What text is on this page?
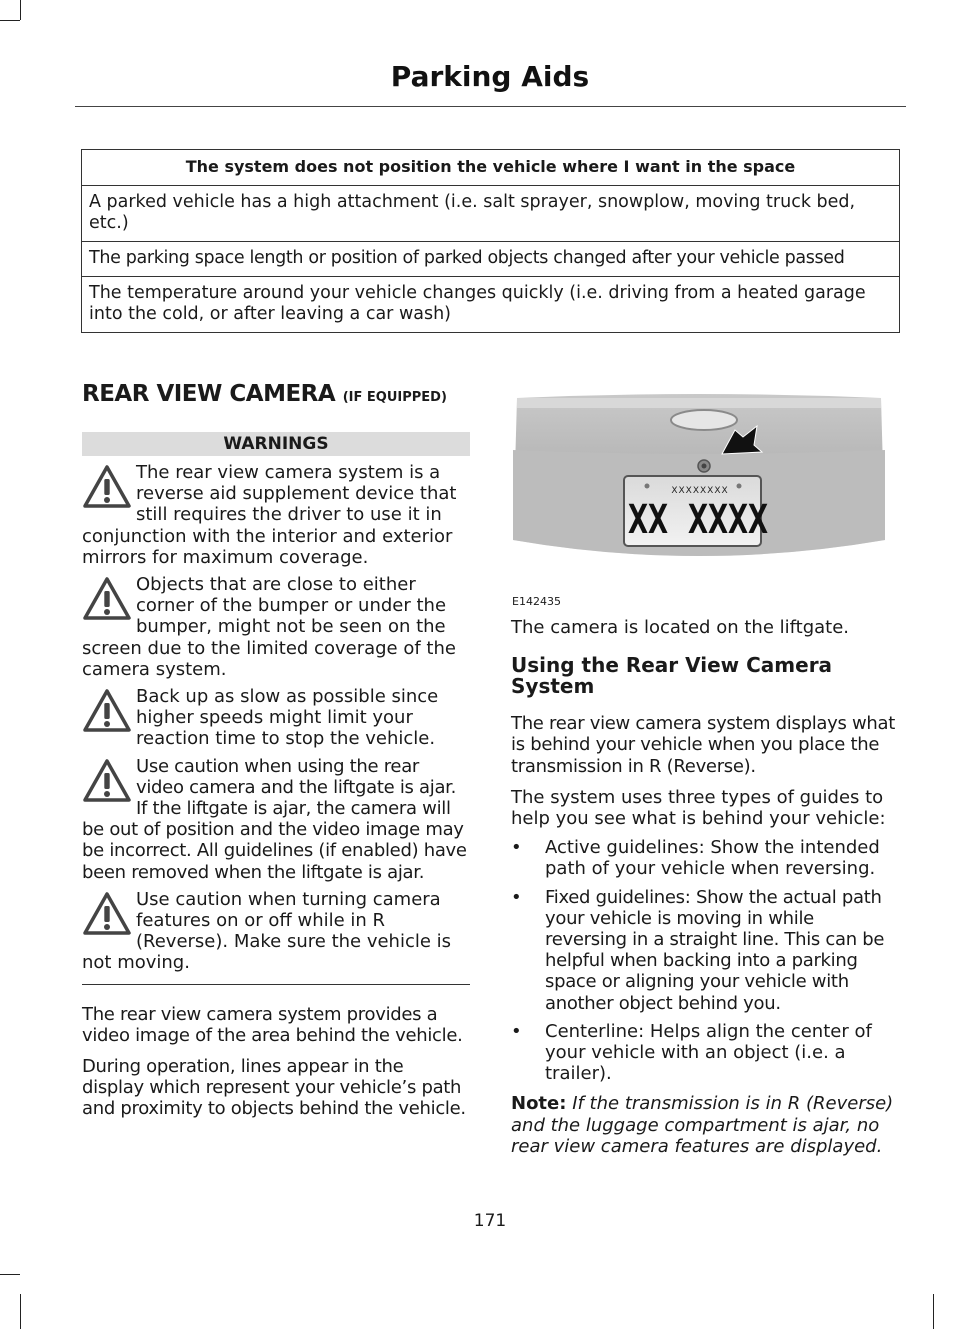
Parking Aids
The system does not position the vehicle where I want in the space
A parked vehicle has a high attachment (i.e. salt sprayer, snowplow, moving truck bed, etc.)
The parking space length or position of parked objects changed after your vehicle passed
The temperature around your vehicle changes quickly (i.e. driving from a heated garage into the cold, or after leaving a car wash)
REAR VIEW CAMERA (IF EQUIPPED)
WARNINGS
The rear view camera system is a reverse aid supplement device that still requires the driver to use it in conjunction with the interior and exterior mirrors for maximum coverage.
Objects that are close to either corner of the bumper or under the bumper, might not be seen on the screen due to the limited coverage of the camera system.
Back up as slow as possible since higher speeds might limit your reaction time to stop the vehicle.
Use caution when using the rear video camera and the liftgate is ajar. If the liftgate is ajar, the camera will be out of position and the video image may be incorrect. All guidelines (if enabled) have been removed when the liftgate is ajar.
Use caution when turning camera features on or off while in R (Reverse). Make sure the vehicle is not moving.

The rear view camera system provides a video image of the area behind the vehicle.

During operation, lines appear in the display which represent your vehicle’s path and proximity to objects behind the vehicle.

XXXXXXXX
XX XXXX
E142435

The camera is located on the liftgate.

Using the Rear View Camera System

The rear view camera system displays what is behind your vehicle when you place the transmission in R (Reverse).

The system uses three types of guides to help you see what is behind your vehicle:

• Active guidelines: Show the intended path of your vehicle when reversing.
• Fixed guidelines: Show the actual path your vehicle is moving in while reversing in a straight line. This can be helpful when backing into a parking space or aligning your vehicle with another object behind you.
• Centerline: Helps align the center of your vehicle with an object (i.e. a trailer).

Note: If the transmission is in R (Reverse) and the luggage compartment is ajar, no rear view camera features are displayed.

171
